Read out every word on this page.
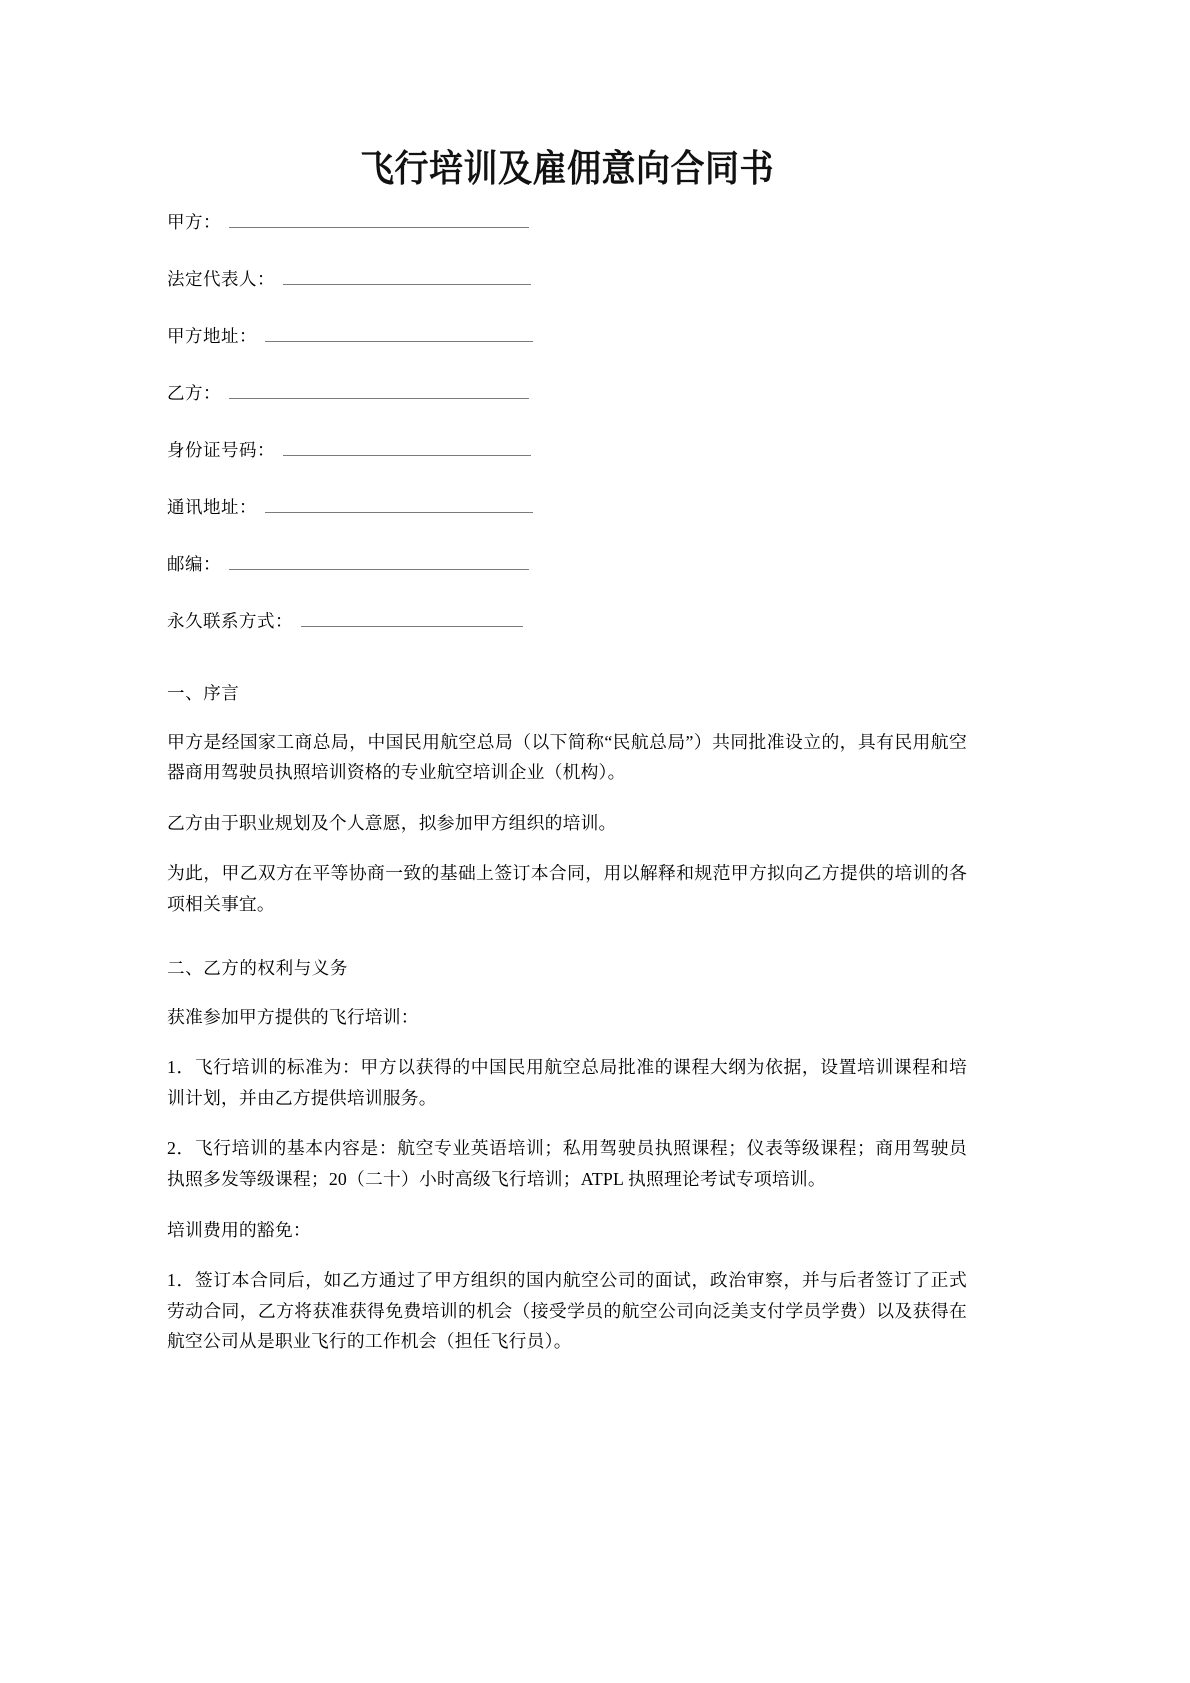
飞行培训及雇佣意向合同书
甲方：
法定代表人：
甲方地址：
乙方：
身份证号码：
通讯地址：
邮编：
永久联系方式：

一、序言

甲方是经国家工商总局，中国民用航空总局（以下简称“民航总局”）共同批准设立的，具有民用航空器商用驾驶员执照培训资格的专业航空培训企业（机构）。

乙方由于职业规划及个人意愿，拟参加甲方组织的培训。

为此，甲乙双方在平等协商一致的基础上签订本合同，用以解释和规范甲方拟向乙方提供的培训的各项相关事宜。

二、乙方的权利与义务

获准参加甲方提供的飞行培训：

1．飞行培训的标准为：甲方以获得的中国民用航空总局批准的课程大纲为依据，设置培训课程和培训计划，并由乙方提供培训服务。

2．飞行培训的基本内容是：航空专业英语培训；私用驾驶员执照课程；仪表等级课程；商用驾驶员执照多发等级课程；20（二十）小时高级飞行培训；ATPL 执照理论考试专项培训。

培训费用的豁免：

1．签订本合同后，如乙方通过了甲方组织的国内航空公司的面试，政治审察，并与后者签订了正式劳动合同，乙方将获准获得免费培训的机会（接受学员的航空公司向泛美支付学员学费）以及获得在航空公司从是职业飞行的工作机会（担任飞行员）。
